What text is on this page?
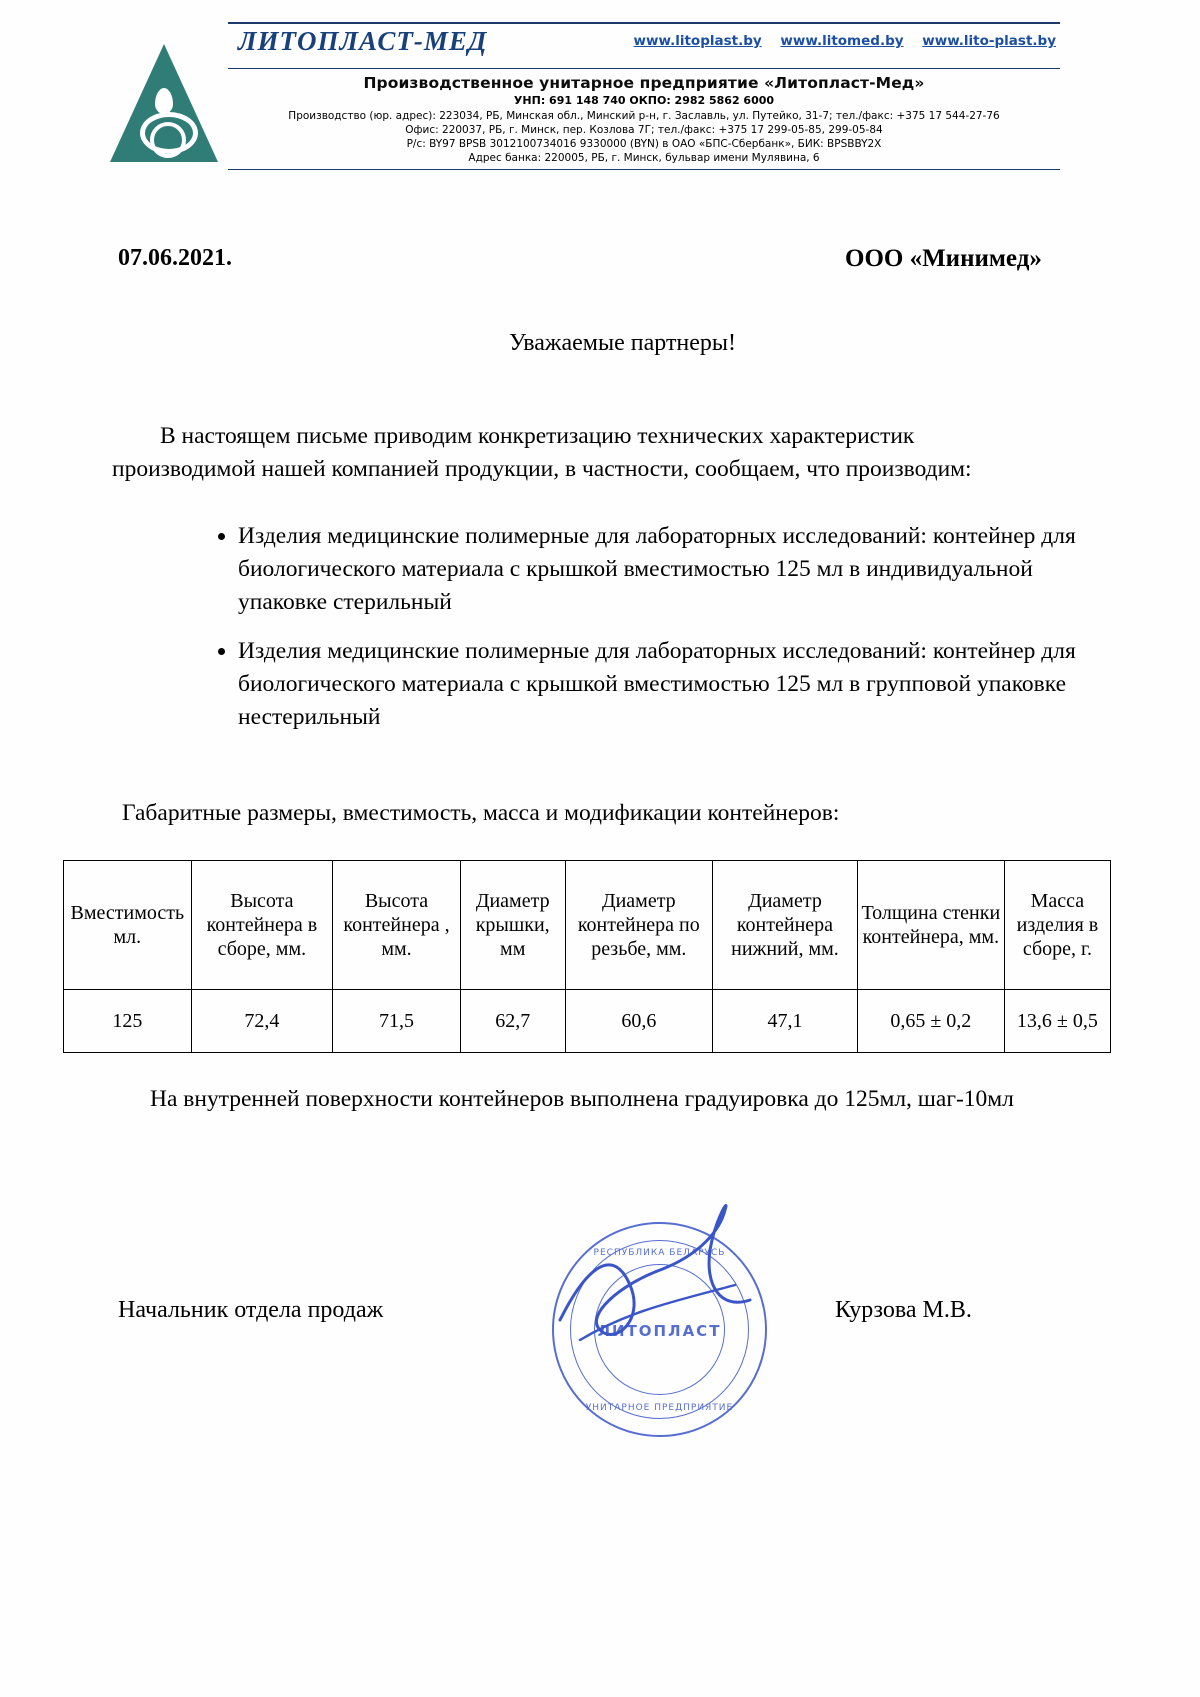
ЛИТОПЛАСТ-МЕД	www.litoplast.by www.litomed.by www.lito-plast.by
Производственное унитарное предприятие «Литопласт-Мед»
УНП: 691 148 740 ОКПО: 2982 5862 6000
Производство (юр. адрес): 223034, РБ, Минская обл., Минский р-н, г. Заславль, ул. Путейко, 31-7; тел./факс: +375 17 544-27-76
Офис: 220037, РБ, г. Минск, пер. Козлова 7Г; тел./факс: +375 17 299-05-85, 299-05-84
Р/с: BY97 BPSB 3012100734016 9330000 (BYN) в ОАО «БПС-Сбербанк», БИК: BPSBBY2X
Адрес банка: 220005, РБ, г. Минск, бульвар имени Мулявина, 6
07.06.2021.	ООО «Минимед»
Уважаемые партнеры!
В настоящем письме приводим конкретизацию технических характеристик производимой нашей компанией продукции, в частности, сообщаем, что производим:
• Изделия медицинские полимерные для лабораторных исследований: контейнер для биологического материала с крышкой вместимостью 125 мл в индивидуальной упаковке стерильный
• Изделия медицинские полимерные для лабораторных исследований: контейнер для биологического материала с крышкой вместимостью 125 мл в групповой упаковке нестерильный
Габаритные размеры, вместимость, масса и модификации контейнеров:
Вместимость мл.	Высота контейнера в сборе, мм.	Высота контейнера , мм.	Диаметр крышки, мм	Диаметр контейнера по резьбе, мм.	Диаметр контейнера нижний, мм.	Толщина стенки контейнера, мм.	Масса изделия в сборе, г.
125	72,4	71,5	62,7	60,6	47,1	0,65 ± 0,2	13,6 ± 0,5
На внутренней поверхности контейнеров выполнена градуировка до 125мл, шаг-10мл
Начальник отдела продаж	Курзова М.В.
РЕСПУБЛИКА БЕЛАРУСЬ
ЛИТОПЛАСТ
УНИТАРНОЕ ПРЕДПРИЯТИЕ
